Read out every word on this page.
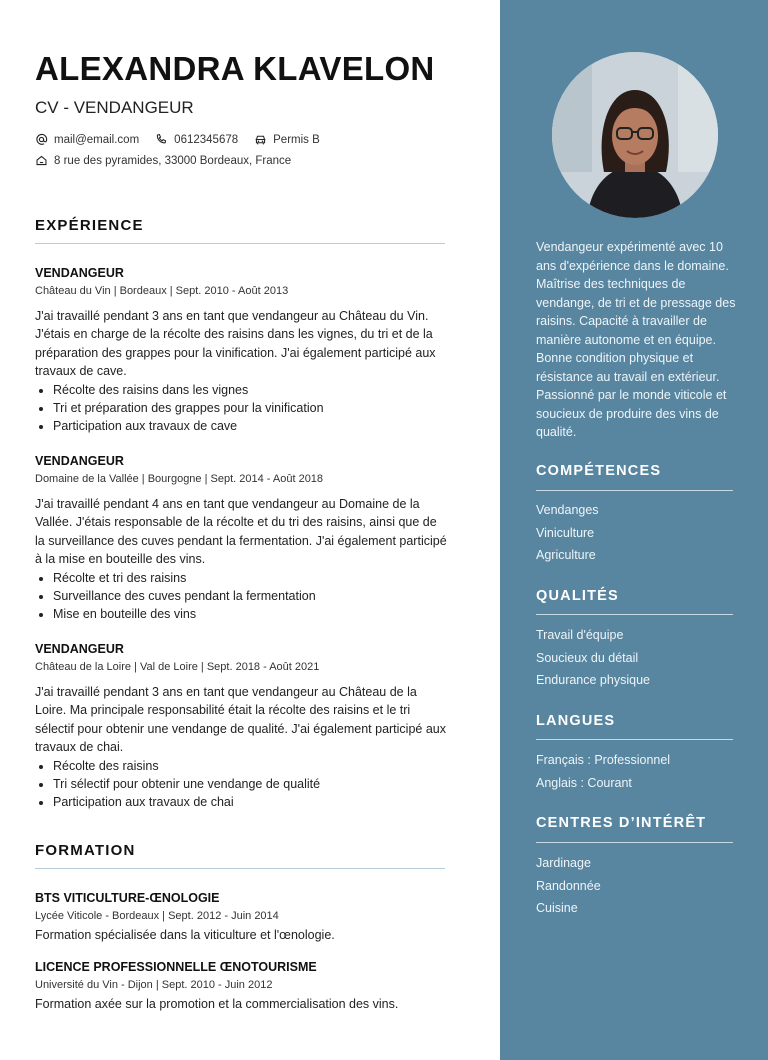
ALEXANDRA KLAVELON
CV - VENDANGEUR
mail@email.com	0612345678	Permis B
8 rue des pyramides, 33000 Bordeaux, France
EXPÉRIENCE
VENDANGEUR
Château du Vin | Bordeaux | Sept. 2010 - Août 2013
J'ai travaillé pendant 3 ans en tant que vendangeur au Château du Vin. J'étais en charge de la récolte des raisins dans les vignes, du tri et de la préparation des grappes pour la vinification. J'ai également participé aux travaux de cave.
• Récolte des raisins dans les vignes
• Tri et préparation des grappes pour la vinification
• Participation aux travaux de cave
VENDANGEUR
Domaine de la Vallée | Bourgogne | Sept. 2014 - Août 2018
J'ai travaillé pendant 4 ans en tant que vendangeur au Domaine de la Vallée. J'étais responsable de la récolte et du tri des raisins, ainsi que de la surveillance des cuves pendant la fermentation. J'ai également participé à la mise en bouteille des vins.
• Récolte et tri des raisins
• Surveillance des cuves pendant la fermentation
• Mise en bouteille des vins
VENDANGEUR
Château de la Loire | Val de Loire | Sept. 2018 - Août 2021
J'ai travaillé pendant 3 ans en tant que vendangeur au Château de la Loire. Ma principale responsabilité était la récolte des raisins et le tri sélectif pour obtenir une vendange de qualité. J'ai également participé aux travaux de chai.
• Récolte des raisins
• Tri sélectif pour obtenir une vendange de qualité
• Participation aux travaux de chai
FORMATION
BTS VITICULTURE-ŒNOLOGIE
Lycée Viticole - Bordeaux | Sept. 2012 - Juin 2014
Formation spécialisée dans la viticulture et l'œnologie.
LICENCE PROFESSIONNELLE ŒNOTOURISME
Université du Vin - Dijon | Sept. 2010 - Juin 2012
Formation axée sur la promotion et la commercialisation des vins.

Vendangeur expérimenté avec 10 ans d'expérience dans le domaine. Maîtrise des techniques de vendange, de tri et de pressage des raisins. Capacité à travailler de manière autonome et en équipe. Bonne condition physique et résistance au travail en extérieur. Passionné par le monde viticole et soucieux de produire des vins de qualité.

COMPÉTENCES
Vendanges
Viniculture
Agriculture
QUALITÉS
Travail d'équipe
Soucieux du détail
Endurance physique
LANGUES
Français : Professionnel
Anglais : Courant
CENTRES D’INTÉRÊT
Jardinage
Randonnée
Cuisine
